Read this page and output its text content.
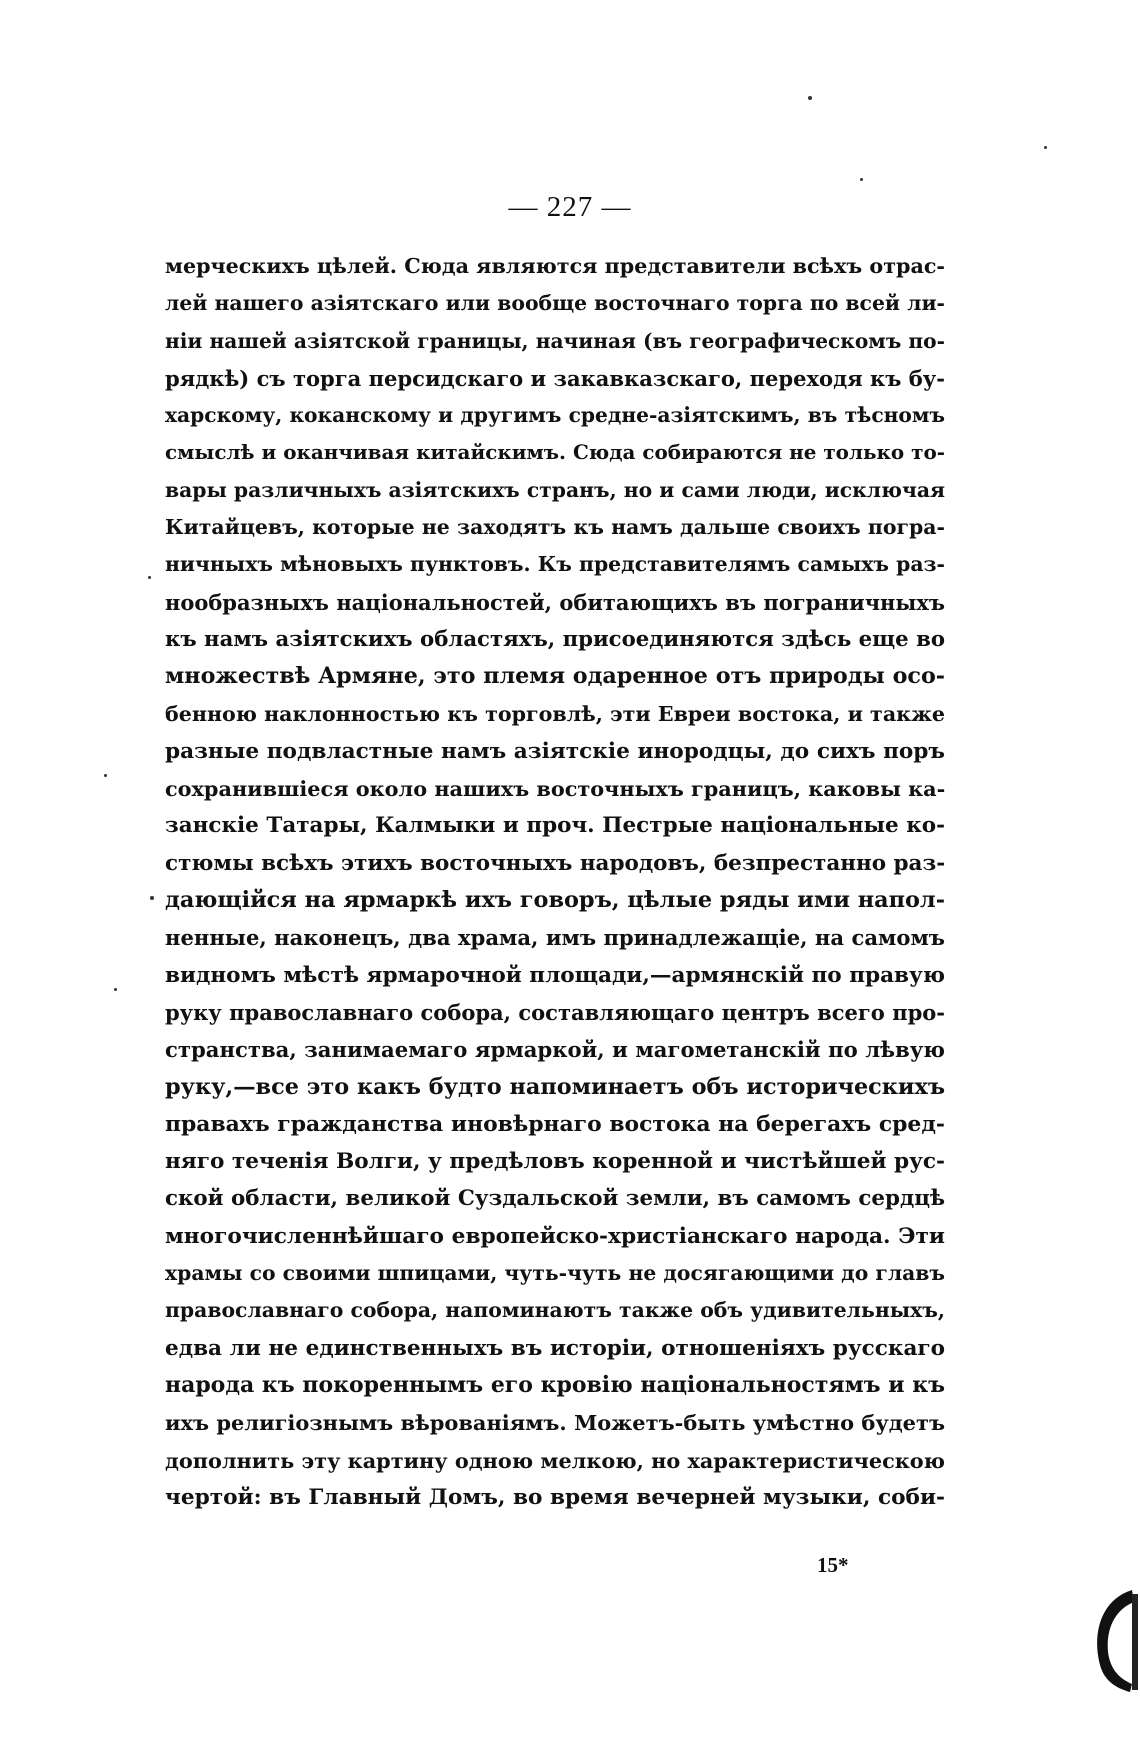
— 227 —
мерческихъ цѣлей. Сюда являются представители всѣхъ отрас-
лей нашего азіятскаго или вообще восточнаго торга по всей ли-
ніи нашей азіятской границы, начиная (въ географическомъ по-
рядкѣ) съ торга персидскаго и закавказскаго, переходя къ бу-
харскому, коканскому и другимъ средне-азіятскимъ, въ тѣсномъ
смыслѣ и оканчивая китайскимъ. Сюда собираются не только то-
вары различныхъ азіятскихъ странъ, но и сами люди, исключая
Китайцевъ, которые не заходятъ къ намъ дальше своихъ погра-
ничныхъ мѣновыхъ пунктовъ. Къ представителямъ самыхъ раз-
нообразныхъ національностей, обитающихъ въ пограничныхъ
къ намъ азіятскихъ областяхъ, присоединяются здѣсь еще во
множествѣ Армяне, это племя одаренное отъ природы осо-
бенною наклонностью къ торговлѣ, эти Евреи востока, и также
разные подвластные намъ азіятскіе инородцы, до сихъ поръ
сохранившіеся около нашихъ восточныхъ границъ, каковы ка-
занскіе Татары, Калмыки и проч. Пестрые національные ко-
стюмы всѣхъ этихъ восточныхъ народовъ, безпрестанно раз-
дающійся на ярмаркѣ ихъ говоръ, цѣлые ряды ими напол-
ненные, наконецъ, два храма, имъ принадлежащіе, на самомъ
видномъ мѣстѣ ярмарочной площади,—армянскій по правую
руку православнаго собора, составляющаго центръ всего про-
странства, занимаемаго ярмаркой, и магометанскій по лѣвую
руку,—все это какъ будто напоминаетъ объ историческихъ
правахъ гражданства иновѣрнаго востока на берегахъ сред-
няго теченія Волги, у предѣловъ коренной и чистѣйшей рус-
ской области, великой Суздальской земли, въ самомъ сердцѣ
многочисленнѣйшаго европейско-христіанскаго народа. Эти
храмы со своими шпицами, чуть-чуть не досягающими до главъ
православнаго собора, напоминаютъ также объ удивительныхъ,
едва ли не единственныхъ въ исторіи, отношеніяхъ русскаго
народа къ покореннымъ его кровію національностямъ и къ
ихъ религіознымъ вѣрованіямъ. Можетъ-быть умѣстно будетъ
дополнить эту картину одною мелкою, но характеристическою
чертой: въ Главный Домъ, во время вечерней музыки, соби-
15*
